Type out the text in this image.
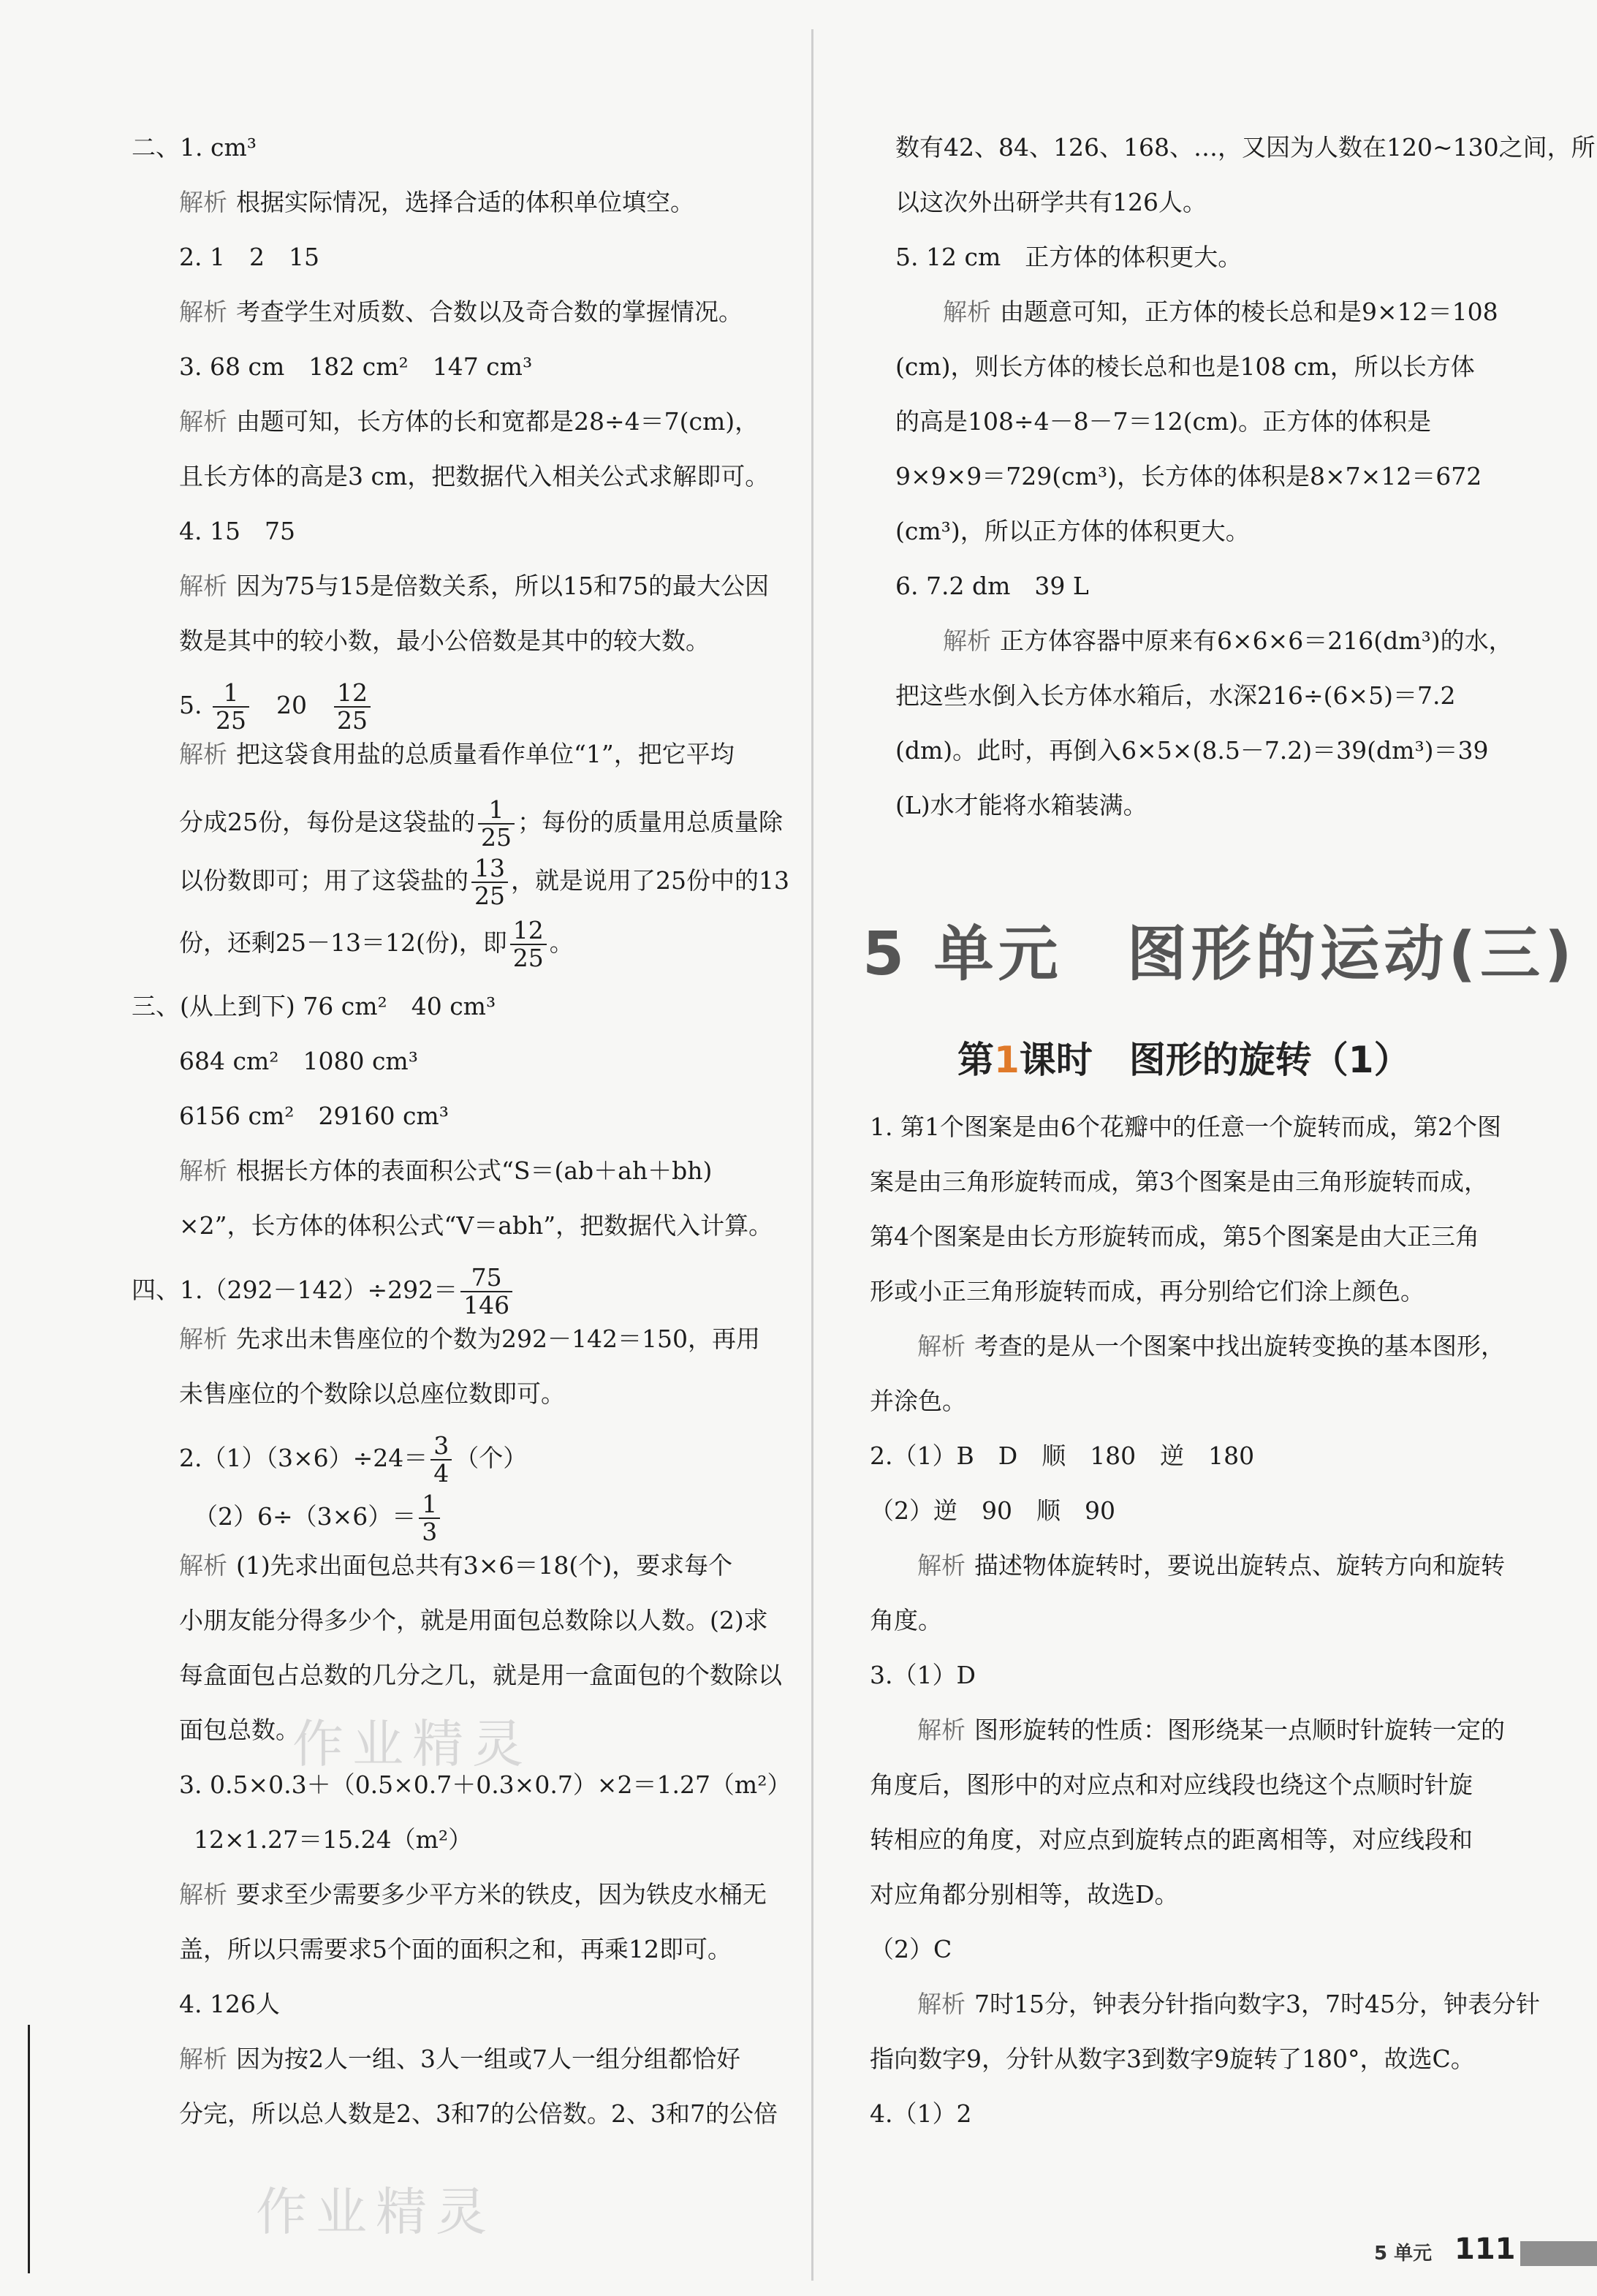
二、1. cm³
解析 根据实际情况，选择合适的体积单位填空。
2. 1　2　15
解析 考查学生对质数、合数以及奇合数的掌握情况。
3. 68 cm　182 cm²　147 cm³
解析 由题可知，长方体的长和宽都是28÷4＝7(cm)，
且长方体的高是3 cm，把数据代入相关公式求解即可。
4. 15　75
解析 因为75与15是倍数关系，所以15和75的最大公因
数是其中的较小数，最小公倍数是其中的较大数。
5. $\frac{1}{25}$ 　20　 $\frac{12}{25}$
解析 把这袋食用盐的总质量看作单位“1”，把它平均
分成25份，每份是这袋盐的 $\frac{1}{25}$ ；每份的质量用总质量除
以份数即可；用了这袋盐的 $\frac{13}{25}$ ，就是说用了25份中的13
份，还剩25－13＝12(份)，即 $\frac{12}{25}$ 。
三、(从上到下) 76 cm²　40 cm³
684 cm²　1080 cm³
6156 cm²　29160 cm³
解析 根据长方体的表面积公式“S＝(ab＋ah＋bh)
×2”，长方体的体积公式“V＝abh”，把数据代入计算。
四、$1.(292-142)\div 292= \frac{75}{146}$
解析 先求出未售座位的个数为292－142＝150，再用
未售座位的个数除以总座位数即可。
$2.(1)(3\times 6)\div 24= \frac{3}{4}$ （个）
$(2)6\div(3\times 6)= \frac{1}{3}$
解析 (1)先求出面包总共有3×6＝18(个)，要求每个
小朋友能分得多少个，就是用面包总数除以人数。(2)求
每盒面包占总数的几分之几，就是用一盒面包的个数除以
面包总数。
3. 0.5×0.3＋（0.5×0.7＋0.3×0.7）×2＝1.27（m²）
12×1.27＝15.24（m²）
解析 要求至少需要多少平方米的铁皮，因为铁皮水桶无
盖，所以只需要求5个面的面积之和，再乘12即可。
4. 126人
解析 因为按2人一组、3人一组或7人一组分组都恰好
分完，所以总人数是2、3和7的公倍数。2、3和7的公倍
数有42、84、126、168、…，又因为人数在120~130之间，所
以这次外出研学共有126人。
5. 12 cm　正方体的体积更大。
解析 由题意可知，正方体的棱长总和是9×12＝108
(cm)，则长方体的棱长总和也是108 cm，所以长方体
的高是108÷4－8－7＝12(cm)。正方体的体积是
9×9×9＝729(cm³)，长方体的体积是8×7×12＝672
(cm³)，所以正方体的体积更大。
6. 7.2 dm　39 L
解析 正方体容器中原来有6×6×6＝216(dm³)的水，
把这些水倒入长方体水箱后，水深216÷(6×5)＝7.2
(dm)。此时，再倒入6×5×(8.5－7.2)＝39(dm³)＝39
(L)水才能将水箱装满。
1. 第1个图案是由6个花瓣中的任意一个旋转而成，第2个图
案是由三角形旋转而成，第3个图案是由三角形旋转而成，
第4个图案是由长方形旋转而成，第5个图案是由大正三角
形或小正三角形旋转而成，再分别给它们涂上颜色。
解析 考查的是从一个图案中找出旋转变换的基本图形，
并涂色。
2.（1）B　D　顺　180　逆　180
（2）逆　90　顺　90
解析 描述物体旋转时，要说出旋转点、旋转方向和旋转
角度。
3.（1）D
解析 图形旋转的性质：图形绕某一点顺时针旋转一定的
角度后，图形中的对应点和对应线段也绕这个点顺时针旋
转相应的角度，对应点到旋转点的距离相等，对应线段和
对应角都分别相等，故选D。
（2）C
解析 7时15分，钟表分针指向数字3，7时45分，钟表分针
指向数字9，分针从数字3到数字9旋转了180°，故选C。
4.（1）2
5 单元　图形的运动(三)
第1课时　图形的旋转（1）
作业精灵
作业精灵
5 单元 111
